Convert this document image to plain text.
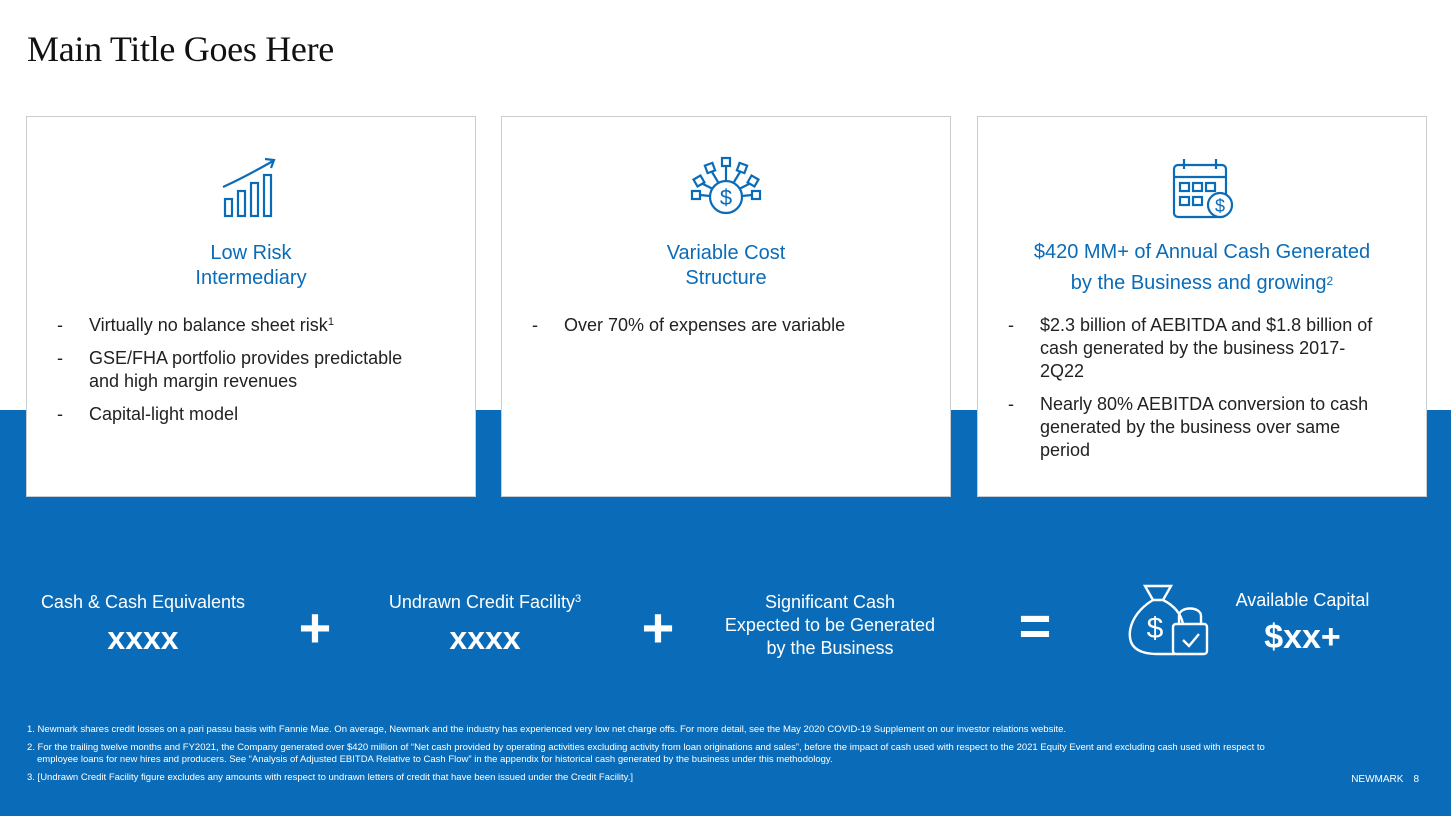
Main Title Goes Here
Low Risk
Intermediary
- Virtually no balance sheet risk$^1$
- GSE/FHA portfolio provides predictable and high margin revenues
- Capital-light model
$
Variable Cost
Structure
- Over 70% of expenses are variable
$
$420 MM+ of Annual Cash Generated
by the Business and growing$^2$
- $2.3 billion of AEBITDA and $1.8 billion of cash generated by the business 2017-2Q22
- Nearly 80% AEBITDA conversion to cash generated by the business over same period
Cash & Cash Equivalents
xxxx	+	Undrawn Credit Facility$^3$
xxxx	+	Significant Cash
Expected to be Generated
by the Business	=	$
Available Capital
$xx+
1. Newmark shares credit losses on a pari passu basis with Fannie Mae. On average, Newmark and the industry has experienced very low net charge offs. For more detail, see the May 2020 COVID-19 Supplement on our investor relations website.
2. For the trailing twelve months and FY2021, the Company generated over $420 million of “Net cash provided by operating activities excluding activity from loan originations and sales”, before the impact of cash used with respect to the 2021 Equity Event and excluding cash used with respect to employee loans for new hires and producers. See “Analysis of Adjusted EBITDA Relative to Cash Flow” in the appendix for historical cash generated by the business under this methodology.
3. [Undrawn Credit Facility figure excludes any amounts with respect to undrawn letters of credit that have been issued under the Credit Facility.]	NEWMARK 8
